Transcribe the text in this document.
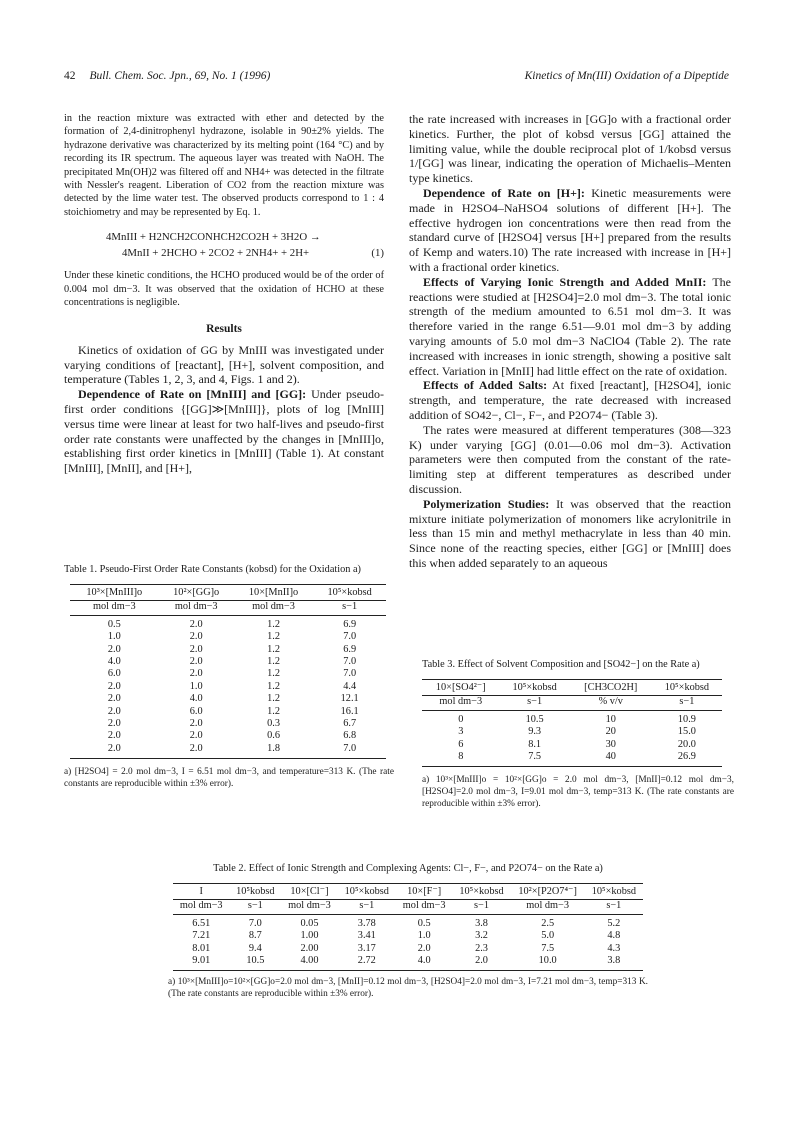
42 Bull. Chem. Soc. Jpn., 69, No. 1 (1996)	Kinetics of Mn(III) Oxidation of a Dipeptide

in the reaction mixture was extracted with ether and detected by the formation of 2,4-dinitrophenyl hydrazone, isolable in 90±2% yields. The hydrazone derivative was characterized by its melting point (164 °C) and by recording its IR spectrum. The aqueous layer was treated with NaOH. The precipitated Mn(OH)2 was filtered off and NH4+ was detected in the filtrate with Nessler's reagent. Liberation of CO2 from the reaction mixture was detected by the lime water test. The observed products correspond to 1 : 4 stoichiometry and may be represented by Eq. 1.

4MnIII + H2NCH2CONHCH2CO2H + 3H2O →
4MnII + 2HCHO + 2CO2 + 2NH4+ + 2H+	(1)

Under these kinetic conditions, the HCHO produced would be of the order of 0.004 mol dm−3. It was observed that the oxidation of HCHO at these concentrations is negligible.

Results

Kinetics of oxidation of GG by MnIII was investigated under varying conditions of [reactant], [H+], solvent composition, and temperature (Tables 1, 2, 3, and 4, Figs. 1 and 2).

Dependence of Rate on [MnIII] and [GG]: Under pseudo-first order conditions {[GG]≫[MnIII]}, plots of log [MnIII] versus time were linear at least for two half-lives and pseudo-first order rate constants were unaffected by the changes in [MnIII]o, establishing first order kinetics in [MnIII] (Table 1). At constant [MnIII], [MnII], and [H+],

the rate increased with increases in [GG]o with a fractional order kinetics. Further, the plot of kobsd versus [GG] attained the limiting value, while the double reciprocal plot of 1/kobsd versus 1/[GG] was linear, indicating the operation of Michaelis–Menten type kinetics.

Dependence of Rate on [H+]: Kinetic measurements were made in H2SO4–NaHSO4 solutions of different [H+]. The effective hydrogen ion concentrations were then read from the standard curve of [H2SO4] versus [H+] prepared from the results of Kemp and waters.10) The rate increased with increase in [H+] with a fractional order kinetics.

Effects of Varying Ionic Strength and Added MnII: The reactions were studied at [H2SO4]=2.0 mol dm−3. The total ionic strength of the medium amounted to 6.51 mol dm−3. It was therefore varied in the range 6.51—9.01 mol dm−3 by adding varying amounts of 5.0 mol dm−3 NaClO4 (Table 2). The rate increased with increases in ionic strength, showing a positive salt effect. Variation in [MnII] had little effect on the rate of oxidation.

Effects of Added Salts: At fixed [reactant], [H2SO4], ionic strength, and temperature, the rate decreased with increased addition of SO42−, Cl−, F−, and P2O74− (Table 3).

The rates were measured at different temperatures (308—323 K) under varying [GG] (0.01—0.06 mol dm−3). Activation parameters were then computed from the constant of the rate-limiting step at different temperatures as described under discussion.

Polymerization Studies: It was observed that the reaction mixture initiate polymerization of monomers like acrylonitrile in less than 15 min and methyl methacrylate in less than 40 min. Since none of the reacting species, either [GG] or [MnIII] does this when added separately to an aqueous

Table 1. Pseudo-First Order Rate Constants (kobsd) for the Oxidation a)
10³×[MnIII]o	10²×[GG]o	10×[MnII]o	10⁵×kobsd
mol dm−3	mol dm−3	mol dm−3	s−1
0.5	2.0	1.2	6.9
1.0	2.0	1.2	7.0
2.0	2.0	1.2	6.9
4.0	2.0	1.2	7.0
6.0	2.0	1.2	7.0
2.0	1.0	1.2	4.4
2.0	4.0	1.2	12.1
2.0	6.0	1.2	16.1
2.0	2.0	0.3	6.7
2.0	2.0	0.6	6.8
2.0	2.0	1.8	7.0
a) [H2SO4] = 2.0 mol dm−3, I = 6.51 mol dm−3, and temperature=313 K. (The rate constants are reproducible within ±3% error).
Table 3. Effect of Solvent Composition and [SO42−] on the Rate a)
10×[SO4²⁻]	10⁵×kobsd	[CH3CO2H]	10⁵×kobsd
mol dm−3	s−1	% v/v	s−1
0	10.5	10	10.9
3	9.3	20	15.0
6	8.1	30	20.0
8	7.5	40	26.9
a) 10³×[MnIII]o = 10²×[GG]o = 2.0 mol dm−3, [MnII]=0.12 mol dm−3, [H2SO4]=2.0 mol dm−3, I=9.01 mol dm−3, temp=313 K. (The rate constants are reproducible within ±3% error).
Table 2. Effect of Ionic Strength and Complexing Agents: Cl−, F−, and P2O74− on the Rate a)
I	10⁵kobsd	10×[Cl⁻]	10⁵×kobsd	10×[F⁻]	10⁵×kobsd	10²×[P2O7⁴⁻]	10⁵×kobsd
mol dm−3	s−1	mol dm−3	s−1	mol dm−3	s−1	mol dm−3	s−1
6.51	7.0	0.05	3.78	0.5	3.8	2.5	5.2
7.21	8.7	1.00	3.41	1.0	3.2	5.0	4.8
8.01	9.4	2.00	3.17	2.0	2.3	7.5	4.3
9.01	10.5	4.00	2.72	4.0	2.0	10.0	3.8
a) 10³×[MnIII]o=10²×[GG]o=2.0 mol dm−3, [MnII]=0.12 mol dm−3, [H2SO4]=2.0 mol dm−3, I=7.21 mol dm−3, temp=313 K. (The rate constants are reproducible within ±3% error).
